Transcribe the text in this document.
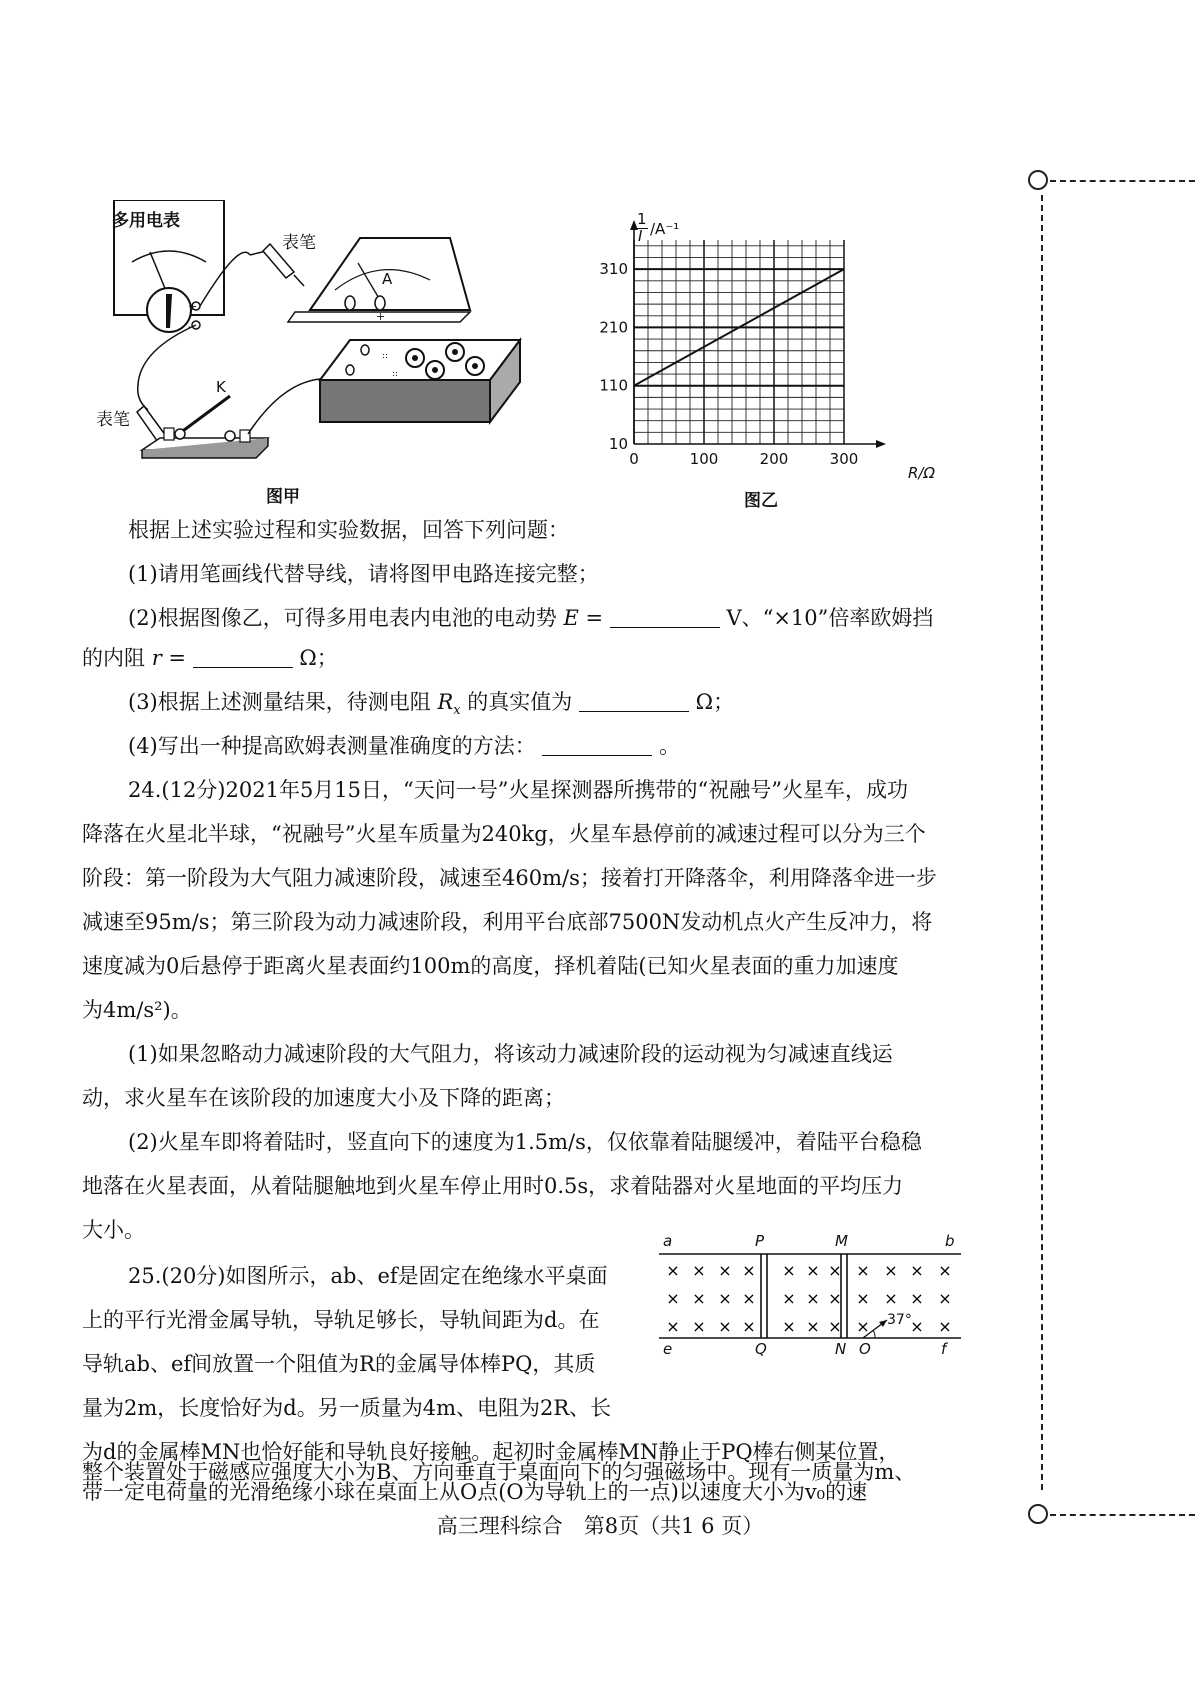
+
-
+
::
::
多用电表
表笔
A
K
表笔
图甲
0	100	200	300
10
110
210
310
1
I /A⁻¹
R/Ω
图乙
根据上述实验过程和实验数据，回答下列问题：
(1)请用笔画线代替导线，请将图甲电路连接完整；
(2)根据图像乙，可得多用电表内电池的电动势 E =	V、“×10”倍率欧姆挡
的内阻 r =	Ω；
(3)根据上述测量结果，待测电阻 $R_x$ 的真实值为	Ω；
(4)写出一种提高欧姆表测量准确度的方法：	。
24.(12分)2021年5月15日，“天问一号”火星探测器所携带的“祝融号”火星车，成功
降落在火星北半球，“祝融号”火星车质量为240kg，火星车悬停前的减速过程可以分为三个
阶段：第一阶段为大气阻力减速阶段，减速至460m/s；接着打开降落伞，利用降落伞进一步
减速至95m/s；第三阶段为动力减速阶段，利用平台底部7500N发动机点火产生反冲力，将
速度减为0后悬停于距离火星表面约100m的高度，择机着陆(已知火星表面的重力加速度
为4m/s²)。
(1)如果忽略动力减速阶段的大气阻力，将该动力减速阶段的运动视为匀减速直线运
动，求火星车在该阶段的加速度大小及下降的距离；
(2)火星车即将着陆时，竖直向下的速度为1.5m/s，仅依靠着陆腿缓冲，着陆平台稳稳
地落在火星表面，从着陆腿触地到火星车停止用时0.5s，求着陆器对火星地面的平均压力
大小。
25.(20分)如图所示，ab、ef是固定在绝缘水平桌面
上的平行光滑金属导轨，导轨足够长，导轨间距为d。在
导轨ab、ef间放置一个阻值为R的金属导体棒PQ，其质
量为2m，长度恰好为d。另一质量为4m、电阻为2R、长
为d的金属棒MN也恰好能和导轨良好接触。起初时金属棒MN静止于PQ棒右侧某位置，
整个装置处于磁感应强度大小为B、方向垂直于桌面向下的匀强磁场中。现有一质量为m、
带一定电荷量的光滑绝缘小球在桌面上从O点(O为导轨上的一点)以速度大小为v₀的速
× × × × × × × × × × ×
× × × × × × × × × × ×
× × × × × × × ×	× ×
a	P	M	b
e	Q	N O	f
37°
高三理科综合　第8页（共1 6 页）
